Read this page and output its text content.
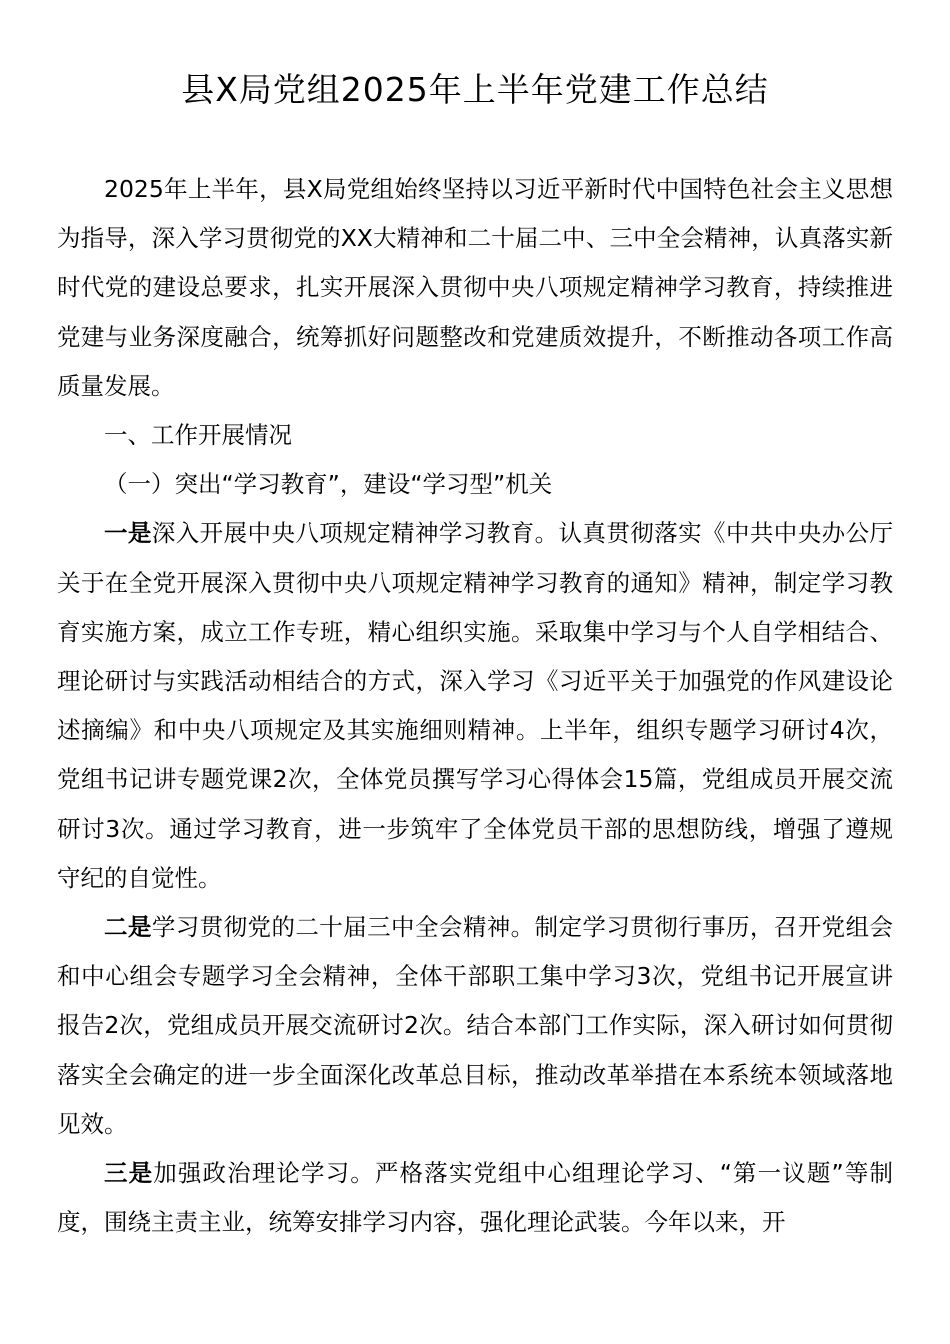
县X局党组2025年上半年党建工作总结

2025年上半年，县X局党组始终坚持以习近平新时代中国特色社会主义思想为指导，深入学习贯彻党的XX大精神和二十届二中、三中全会精神，认真落实新时代党的建设总要求，扎实开展深入贯彻中央八项规定精神学习教育，持续推进党建与业务深度融合，统筹抓好问题整改和党建质效提升，不断推动各项工作高质量发展。

一、工作开展情况

（一）突出“学习教育”，建设“学习型”机关

一是深入开展中央八项规定精神学习教育。认真贯彻落实《中共中央办公厅关于在全党开展深入贯彻中央八项规定精神学习教育的通知》精神，制定学习教育实施方案，成立工作专班，精心组织实施。采取集中学习与个人自学相结合、理论研讨与实践活动相结合的方式，深入学习《习近平关于加强党的作风建设论述摘编》和中央八项规定及其实施细则精神。上半年，组织专题学习研讨4次，党组书记讲专题党课2次，全体党员撰写学习心得体会15篇，党组成员开展交流研讨3次。通过学习教育，进一步筑牢了全体党员干部的思想防线，增强了遵规守纪的自觉性。

二是学习贯彻党的二十届三中全会精神。制定学习贯彻行事历，召开党组会和中心组会专题学习全会精神，全体干部职工集中学习3次，党组书记开展宣讲报告2次，党组成员开展交流研讨2次。结合本部门工作实际，深入研讨如何贯彻落实全会确定的进一步全面深化改革总目标，推动改革举措在本系统本领域落地见效。

三是加强政治理论学习。严格落实党组中心组理论学习、“第一议题”等制度，围绕主责主业，统筹安排学习内容，强化理论武装。今年以来，开
